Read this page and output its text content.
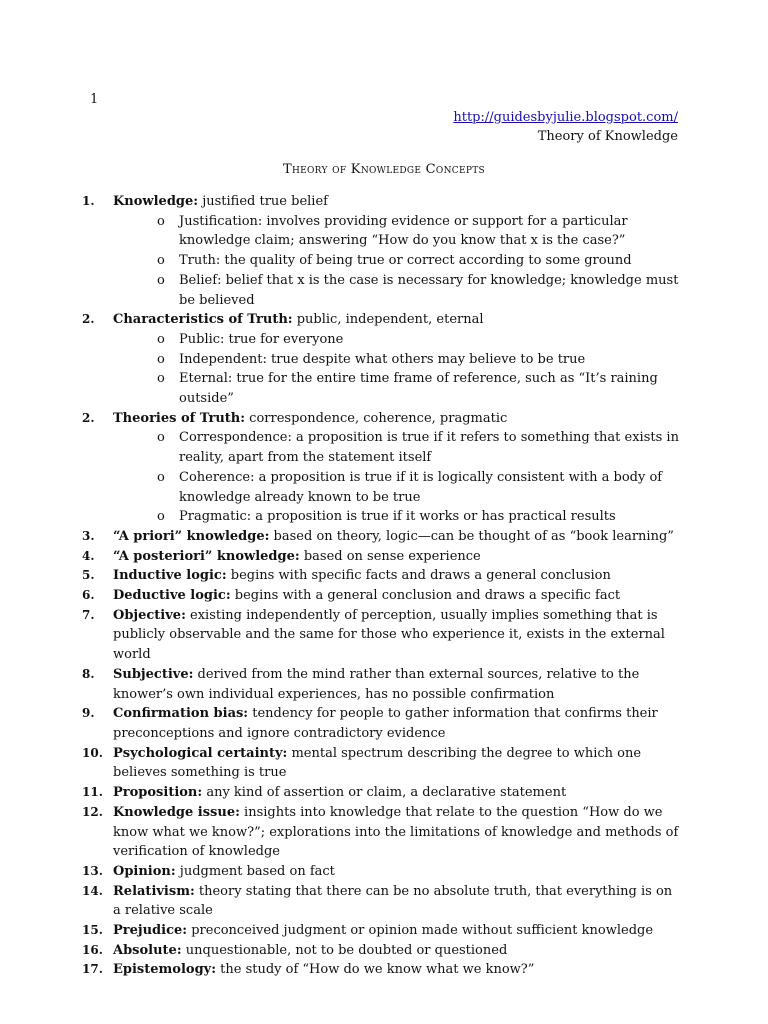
1
http://guidesbyjulie.blogspot.com/
Theory of Knowledge
Theory of Knowledge Concepts
1.	Knowledge: justified true belief
o Justification: involves providing evidence or support for a particular knowledge claim; answering “How do you know that x is the case?”
o Truth: the quality of being true or correct according to some ground
o Belief: belief that x is the case is necessary for knowledge; knowledge must be believed
2.	Characteristics of Truth: public, independent, eternal
o Public: true for everyone
o Independent: true despite what others may believe to be true
o Eternal: true for the entire time frame of reference, such as “It’s raining outside”
2.	Theories of Truth: correspondence, coherence, pragmatic
o Correspondence: a proposition is true if it refers to something that exists in reality, apart from the statement itself
o Coherence: a proposition is true if it is logically consistent with a body of knowledge already known to be true
o Pragmatic: a proposition is true if it works or has practical results
3.	“A priori” knowledge: based on theory, logic—can be thought of as “book learning”
4.	“A posteriori” knowledge: based on sense experience
5.	Inductive logic: begins with specific facts and draws a general conclusion
6.	Deductive logic: begins with a general conclusion and draws a specific fact
7.	Objective: existing independently of perception, usually implies something that is publicly observable and the same for those who experience it, exists in the external world
8.	Subjective: derived from the mind rather than external sources, relative to the knower’s own individual experiences, has no possible confirmation
9.	Confirmation bias: tendency for people to gather information that confirms their preconceptions and ignore contradictory evidence
10. Psychological certainty: mental spectrum describing the degree to which one believes something is true
11. Proposition: any kind of assertion or claim, a declarative statement
12. Knowledge issue: insights into knowledge that relate to the question “How do we know what we know?”; explorations into the limitations of knowledge and methods of verification of knowledge
13. Opinion: judgment based on fact
14. Relativism: theory stating that there can be no absolute truth, that everything is on a relative scale
15. Prejudice: preconceived judgment or opinion made without sufficient knowledge
16. Absolute: unquestionable, not to be doubted or questioned
17. Epistemology: the study of “How do we know what we know?”
